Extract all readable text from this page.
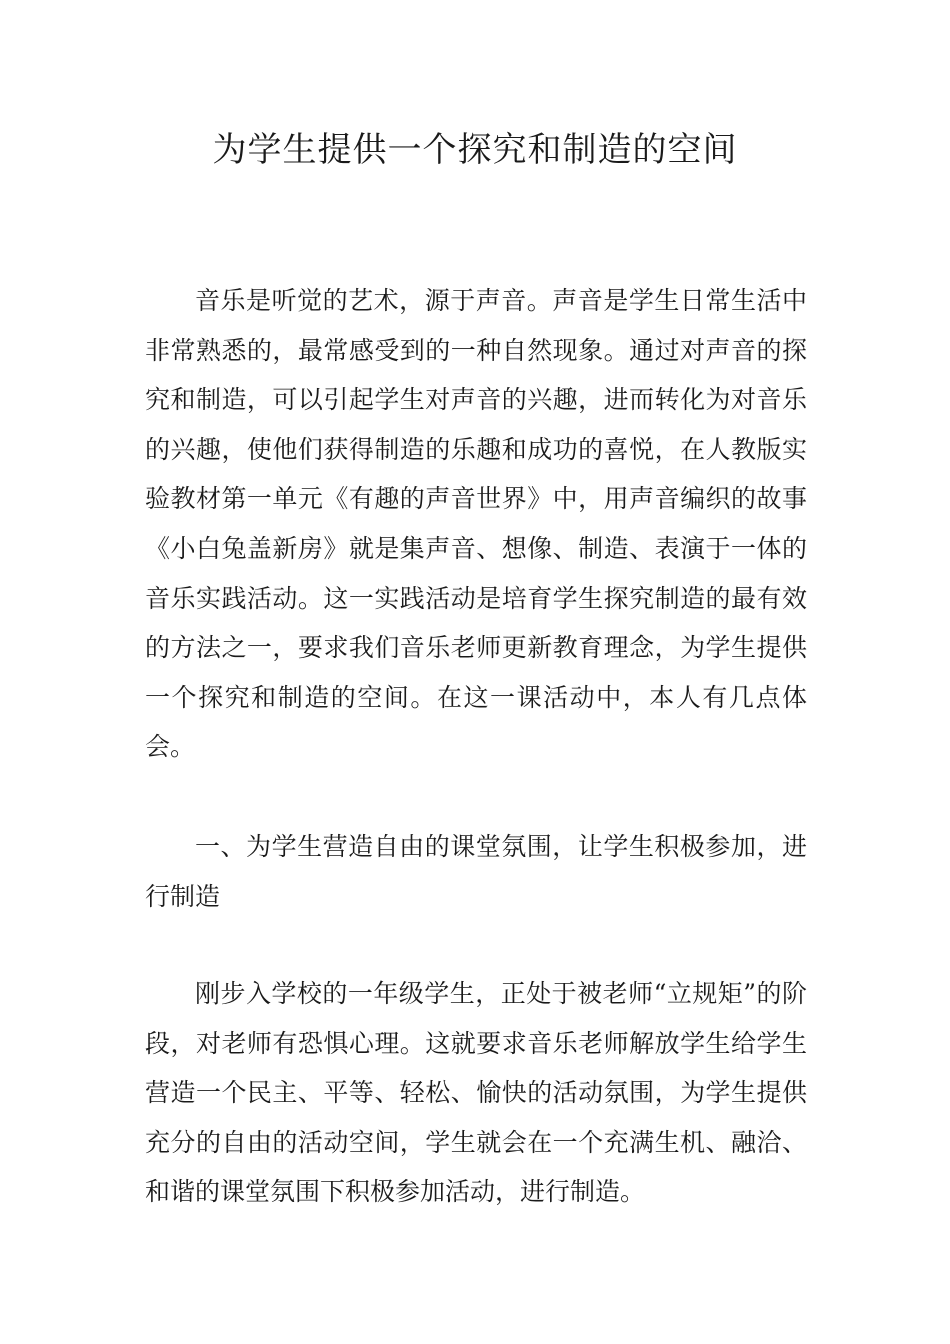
为学生提供一个探究和制造的空间

音乐是听觉的艺术，源于声音。声音是学生日常生活中非常熟悉的，最常感受到的一种自然现象。通过对声音的探究和制造，可以引起学生对声音的兴趣，进而转化为对音乐的兴趣，使他们获得制造的乐趣和成功的喜悦，在人教版实验教材第一单元《有趣的声音世界》中，用声音编织的故事《小白兔盖新房》就是集声音、想像、制造、表演于一体的音乐实践活动。这一实践活动是培育学生探究制造的最有效的方法之一，要求我们音乐老师更新教育理念，为学生提供一个探究和制造的空间。在这一课活动中，本人有几点体会。

一、为学生营造自由的课堂氛围，让学生积极参加，进行制造

刚步入学校的一年级学生，正处于被老师“立规矩”的阶段，对老师有恐惧心理。这就要求音乐老师解放学生给学生营造一个民主、平等、轻松、愉快的活动氛围，为学生提供充分的自由的活动空间，学生就会在一个充满生机、融洽、和谐的课堂氛围下积极参加活动，进行制造。
